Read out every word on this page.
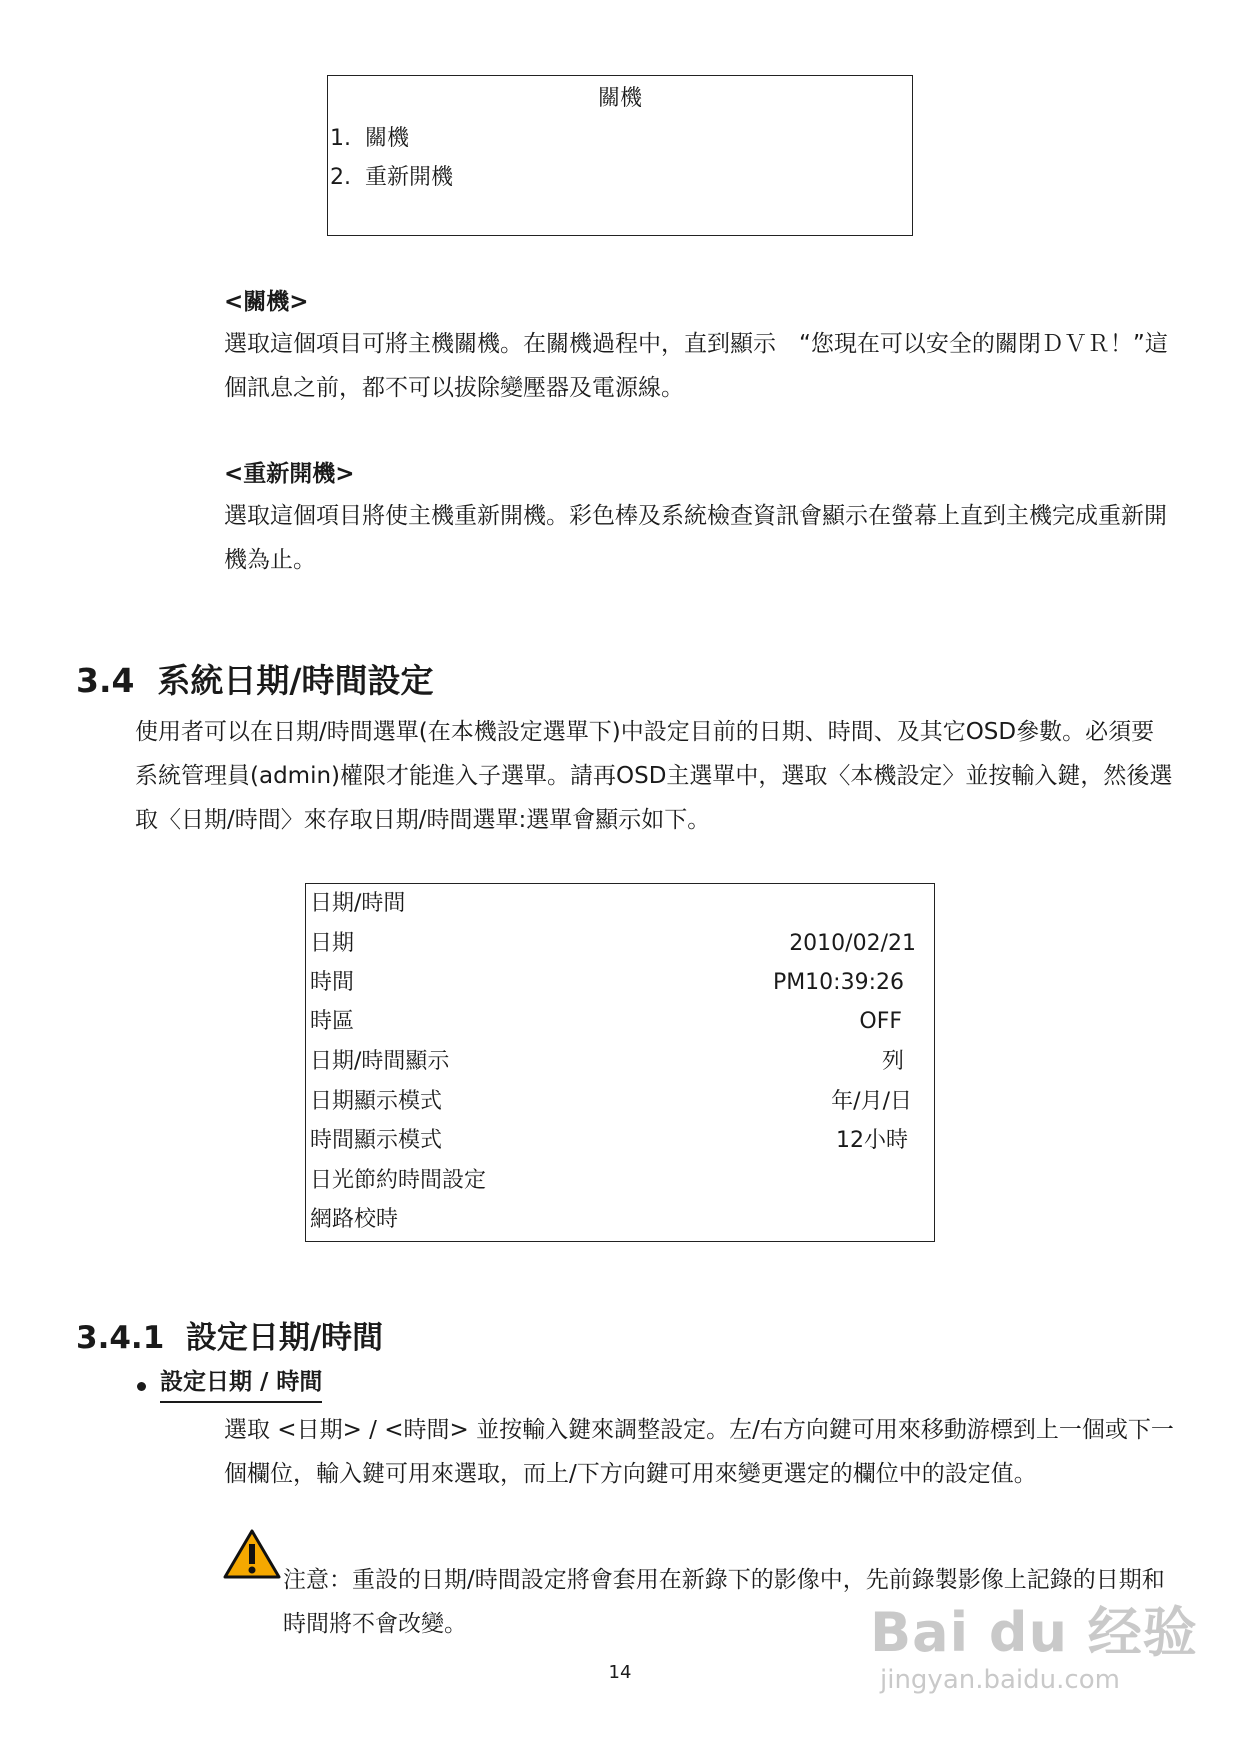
關機
1.  關機
2.  重新開機
<關機>
選取這個項目可將主機關機。在關機過程中，直到顯示　“您現在可以安全的關閉ＤＶＲ！”這個訊息之前，都不可以拔除變壓器及電源線。
<重新開機>
選取這個項目將使主機重新開機。彩色棒及系統檢查資訊會顯示在螢幕上直到主機完成重新開機為止。
3.4  系統日期/時間設定
使用者可以在日期/時間選單(在本機設定選單下)中設定目前的日期、時間、及其它OSD參數。必須要系統管理員(admin)權限才能進入子選單。請再OSD主選單中，選取〈本機設定〉並按輸入鍵，然後選取〈日期/時間〉來存取日期/時間選單:選單會顯示如下。
日期/時間
日期	2010/02/21
時間	PM10:39:26
時區	OFF
日期/時間顯示	列
日期顯示模式	年/月/日
時間顯示模式	12小時
日光節約時間設定
網路校時
3.4.1  設定日期/時間
設定日期 / 時間
選取 <日期> / <時間> 並按輸入鍵來調整設定。左/右方向鍵可用來移動游標到上一個或下一個欄位，輸入鍵可用來選取，而上/下方向鍵可用來變更選定的欄位中的設定值。
注意：重設的日期/時間設定將會套用在新錄下的影像中，先前錄製影像上記錄的日期和時間將不會改變。
14
Bai du 经验
jingyan.baidu.com
